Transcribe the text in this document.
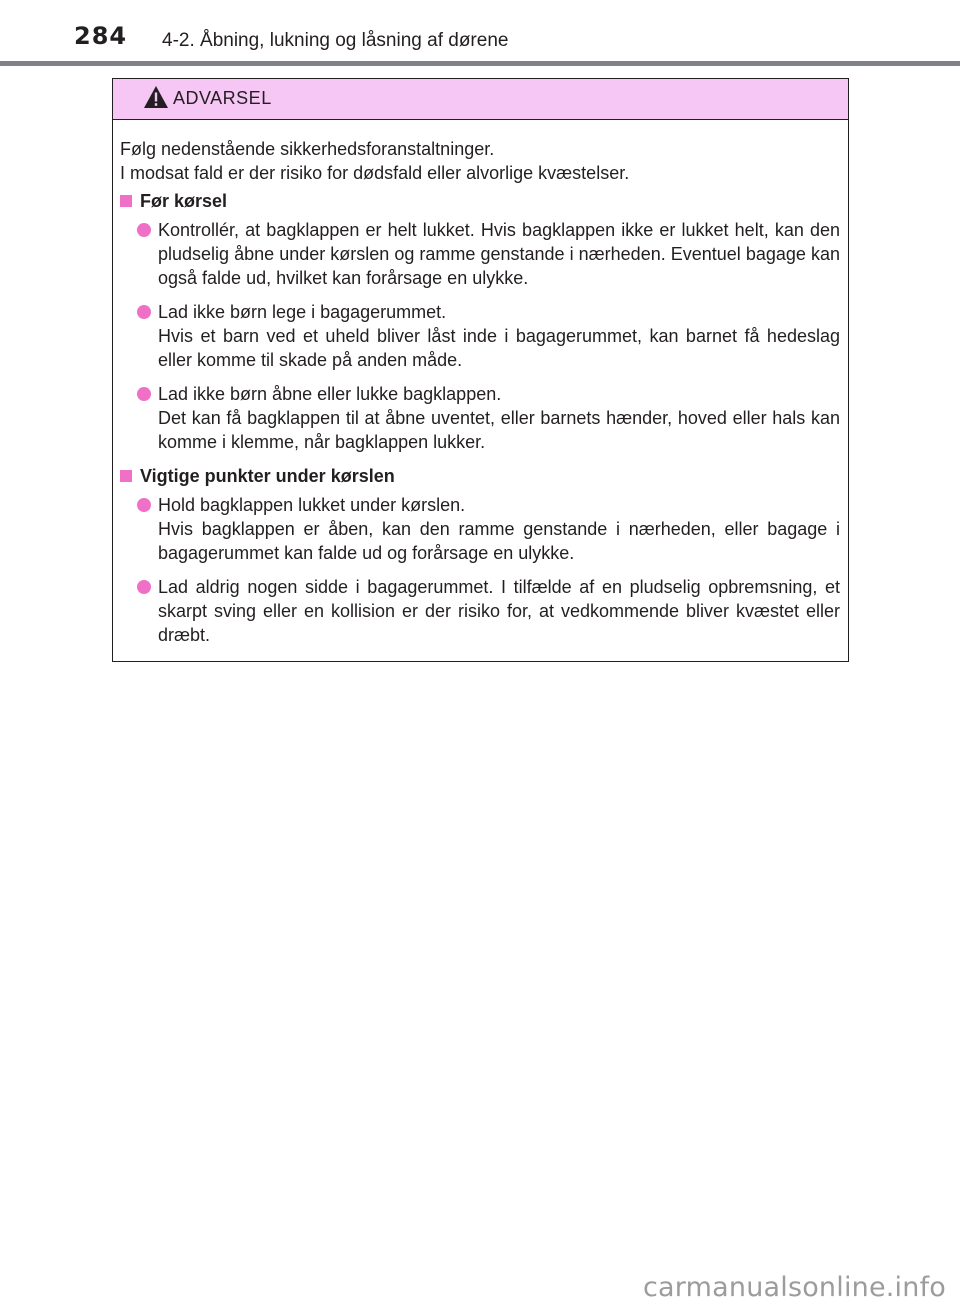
284 4-2. Åbning, lukning og låsning af dørene
ADVARSEL

Følg nedenstående sikkerhedsforanstaltninger.
I modsat fald er der risiko for dødsfald eller alvorlige kvæstelser.

Før kørsel

Kontrollér, at bagklappen er helt lukket. Hvis bagklappen ikke er lukket helt, kan den pludselig åbne under kørslen og ramme genstande i nærheden. Eventuel bagage kan også falde ud, hvilket kan forårsage en ulykke.

Lad ikke børn lege i bagagerummet.

Hvis et barn ved et uheld bliver låst inde i bagagerummet, kan barnet få hedeslag eller komme til skade på anden måde.

Lad ikke børn åbne eller lukke bagklappen.

Det kan få bagklappen til at åbne uventet, eller barnets hænder, hoved eller hals kan komme i klemme, når bagklappen lukker.

Vigtige punkter under kørslen

Hold bagklappen lukket under kørslen.

Hvis bagklappen er åben, kan den ramme genstande i nærheden, eller bagage i bagagerummet kan falde ud og forårsage en ulykke.

Lad aldrig nogen sidde i bagagerummet. I tilfælde af en pludselig opbremsning, et skarpt sving eller en kollision er der risiko for, at vedkommende bliver kvæstet eller dræbt.

carmanualsonline.info
